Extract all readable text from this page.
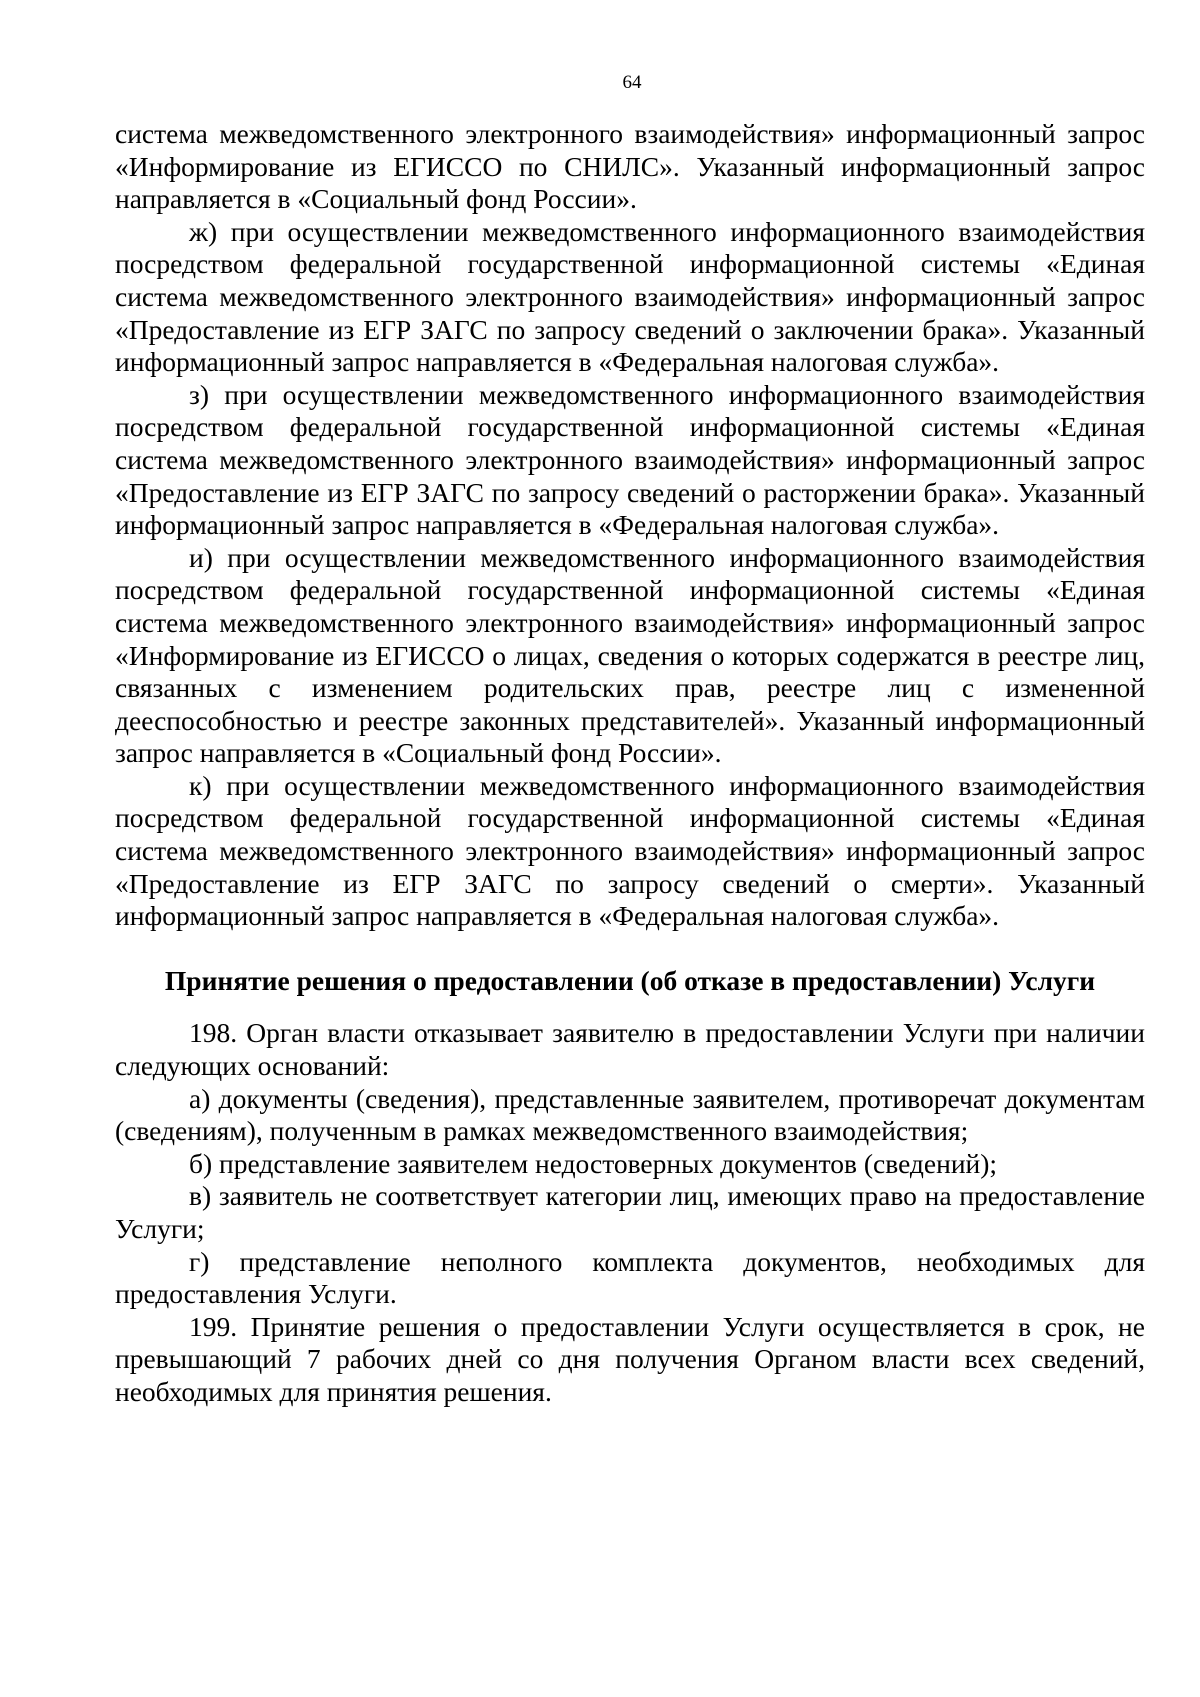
64

система межведомственного электронного взаимодействия» информационный запрос «Информирование из ЕГИССО по СНИЛС». Указанный информационный запрос направляется в «Социальный фонд России».

ж) при осуществлении межведомственного информационного взаимодействия посредством федеральной государственной информационной системы «Единая система межведомственного электронного взаимодействия» информационный запрос «Предоставление из ЕГР ЗАГС по запросу сведений о заключении брака». Указанный информационный запрос направляется в «Федеральная налоговая служба».

з) при осуществлении межведомственного информационного взаимодействия посредством федеральной государственной информационной системы «Единая система межведомственного электронного взаимодействия» информационный запрос «Предоставление из ЕГР ЗАГС по запросу сведений о расторжении брака». Указанный информационный запрос направляется в «Федеральная налоговая служба».

и) при осуществлении межведомственного информационного взаимодействия посредством федеральной государственной информационной системы «Единая система межведомственного электронного взаимодействия» информационный запрос «Информирование из ЕГИССО о лицах, сведения о которых содержатся в реестре лиц, связанных с изменением родительских прав, реестре лиц с измененной дееспособностью и реестре законных представителей». Указанный информационный запрос направляется в «Социальный фонд России».

к) при осуществлении межведомственного информационного взаимодействия посредством федеральной государственной информационной системы «Единая система межведомственного электронного взаимодействия» информационный запрос «Предоставление из ЕГР ЗАГС по запросу сведений о смерти». Указанный информационный запрос направляется в «Федеральная налоговая служба».

Принятие решения о предоставлении (об отказе в предоставлении) Услуги

198. Орган власти отказывает заявителю в предоставлении Услуги при наличии следующих оснований:

а) документы (сведения), представленные заявителем, противоречат документам (сведениям), полученным в рамках межведомственного взаимодействия;

б) представление заявителем недостоверных документов (сведений);

в) заявитель не соответствует категории лиц, имеющих право на предоставление Услуги;

г) представление неполного комплекта документов, необходимых для предоставления Услуги.

199. Принятие решения о предоставлении Услуги осуществляется в срок, не превышающий 7 рабочих дней со дня получения Органом власти всех сведений, необходимых для принятия решения.
